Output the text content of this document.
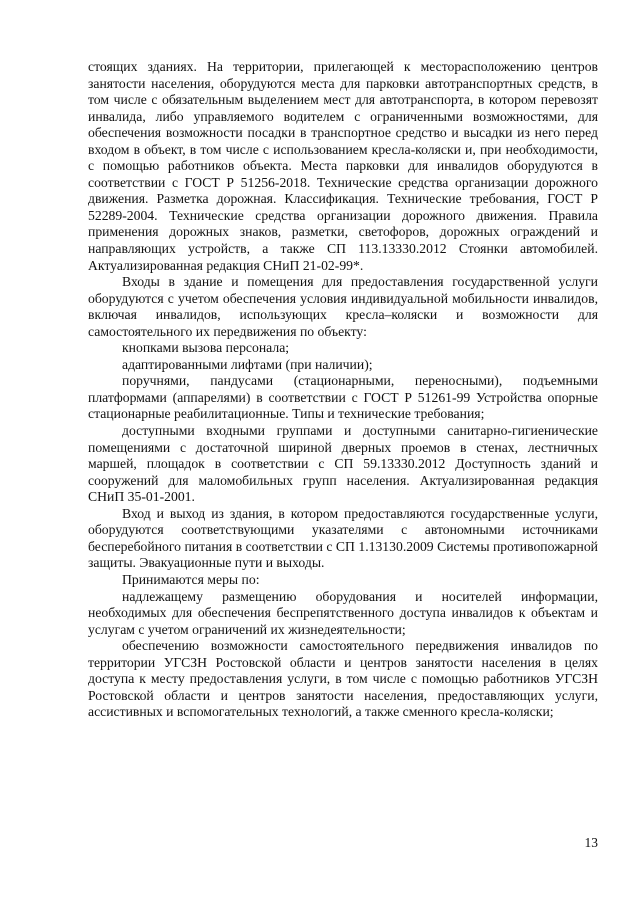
стоящих зданиях. На территории, прилегающей к месторасположению центров занятости населения, оборудуются места для парковки автотранспортных средств, в том числе с обязательным выделением мест для автотранспорта, в котором перевозят инвалида, либо управляемого водителем с ограниченными возможностями, для обеспечения возможности посадки в транспортное средство и высадки из него перед входом в объект, в том числе с использованием кресла-коляски и, при необходимости, с помощью работников объекта. Места парковки для инвалидов оборудуются в соответствии с ГОСТ Р 51256-2018. Технические средства организации дорожного движения. Разметка дорожная. Классификация. Технические требования, ГОСТ Р 52289-2004. Технические средства организации дорожного движения. Правила применения дорожных знаков, разметки, светофоров, дорожных ограждений и направляющих устройств, а также СП 113.13330.2012 Стоянки автомобилей. Актуализированная редакция СНиП 21-02-99*.

Входы в здание и помещения для предоставления государственной услуги оборудуются с учетом обеспечения условия индивидуальной мобильности инвалидов, включая инвалидов, использующих кресла–коляски и возможности для самостоятельного их передвижения по объекту:

кнопками вызова персонала;

адаптированными лифтами (при наличии);

поручнями, пандусами (стационарными, переносными), подъемными платформами (аппарелями) в соответствии с ГОСТ Р 51261-99 Устройства опорные стационарные реабилитационные. Типы и технические требования;

доступными входными группами и доступными санитарно-гигиенические помещениями с достаточной шириной дверных проемов в стенах, лестничных маршей, площадок в соответствии с СП 59.13330.2012 Доступность зданий и сооружений для маломобильных групп населения. Актуализированная редакция СНиП 35-01-2001.

Вход и выход из здания, в котором предоставляются государственные услуги, оборудуются соответствующими указателями с автономными источниками бесперебойного питания в соответствии с СП 1.13130.2009 Системы противопожарной защиты. Эвакуационные пути и выходы.

Принимаются меры по:

надлежащему размещению оборудования и носителей информации, необходимых для обеспечения беспрепятственного доступа инвалидов к объектам и услугам с учетом ограничений их жизнедеятельности;

обеспечению возможности самостоятельного передвижения инвалидов по территории УГСЗН Ростовской области и центров занятости населения в целях доступа к месту предоставления услуги, в том числе с помощью работников УГСЗН Ростовской области и центров занятости населения, предоставляющих услуги, ассистивных и вспомогательных технологий, а также сменного кресла-коляски;

13
